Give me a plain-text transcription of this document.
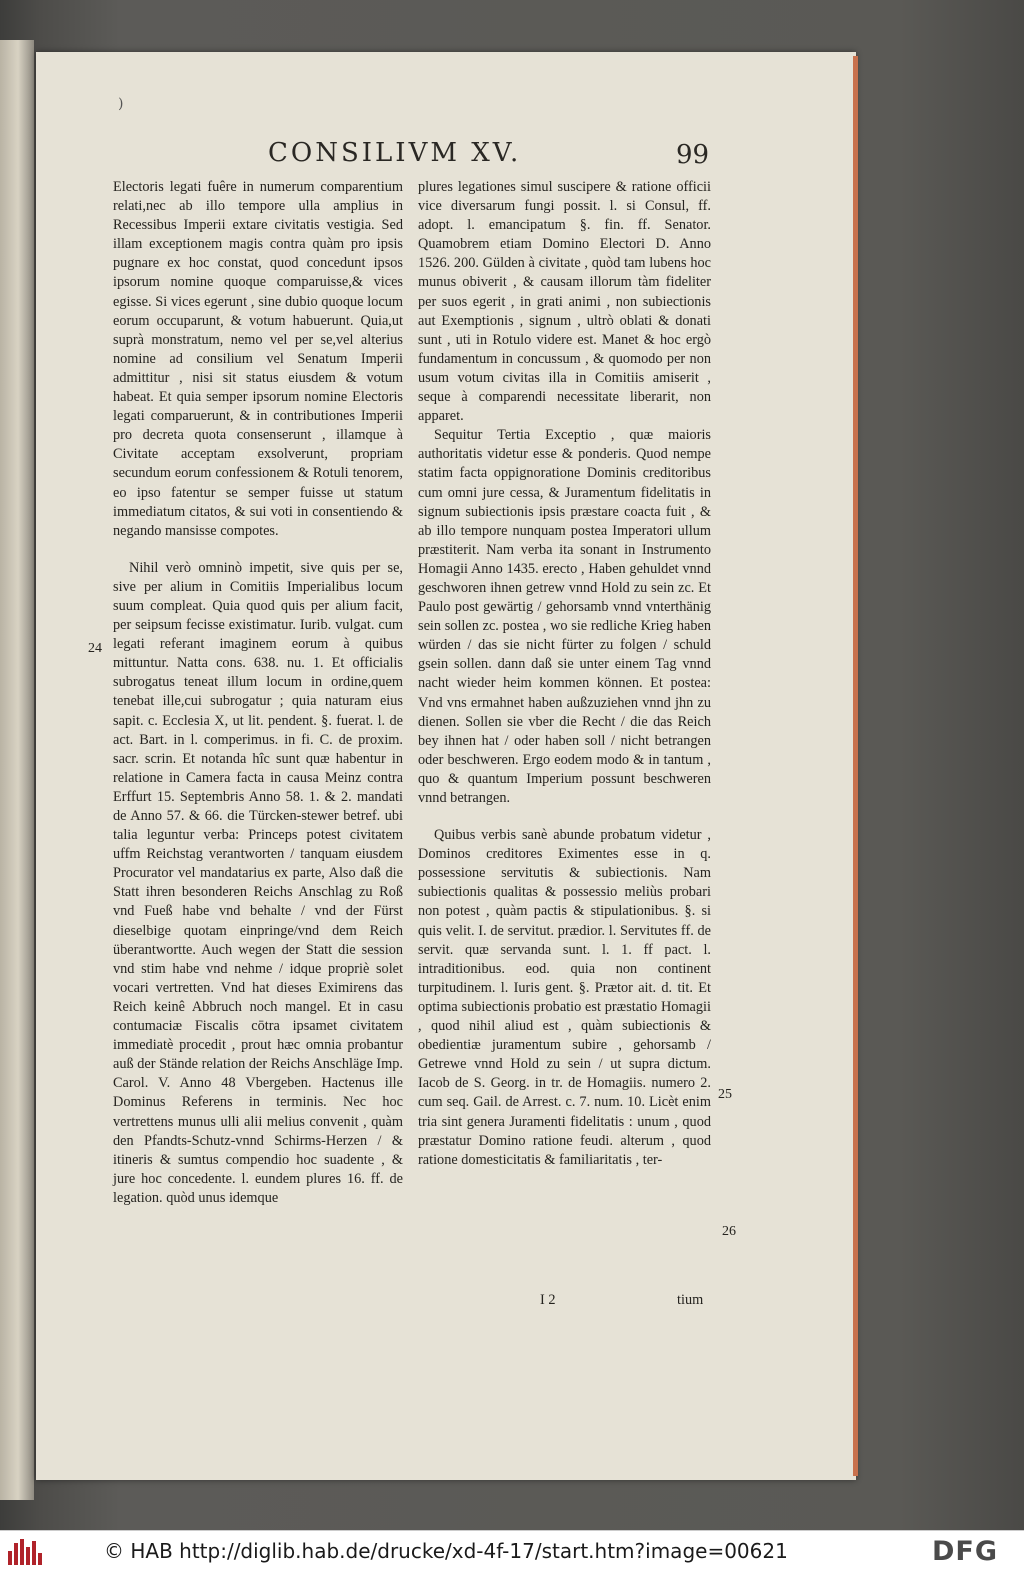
)
CONSILIVM XV.	99

Electoris legati fuêre in numerum comparentium relati,nec ab illo tempore ulla amplius in Recessibus Imperii extare civitatis vestigia. Sed illam exceptionem magis contra quàm pro ipsis pugnare ex hoc constat, quod concedunt ipsos ipsorum nomine quoque comparuisse,& vices egisse. Si vices egerunt , sine dubio quoque locum eorum occuparunt, & votum habuerunt. Quia,ut suprà monstratum, nemo vel per se,vel alterius nomine ad consilium vel Senatum Imperii admittitur , nisi sit status eiusdem & votum habeat. Et quia semper ipsorum nomine Electoris legati comparuerunt, & in contributiones Imperii pro decreta quota consenserunt , illamque à Civitate acceptam exsolverunt, propriam secundum eorum confessionem & Rotuli tenorem, eo ipso fatentur se semper fuisse ut statum immediatum citatos, & sui voti in consentiendo & negando mansisse compotes.

Nihil verò omninò impetit, sive quis per se, sive per alium in Comitiis Imperialibus locum suum compleat. Quia quod quis per alium facit, per seipsum fecisse existimatur. Iurib. vulgat. cum legati referant imaginem eorum à quibus mittuntur. Natta cons. 638. nu. 1. Et officialis subrogatus teneat illum locum in ordine,quem tenebat ille,cui subrogatur ; quia naturam eius sapit. c. Ecclesia X, ut lit. pendent. §. fuerat. l. de act. Bart. in l. comperimus. in fi. C. de proxim. sacr. scrin. Et notanda hîc sunt quæ habentur in relatione in Camera facta in causa Meinz contra Erffurt 15. Septembris Anno 58. 1. & 2. mandati de Anno 57. & 66. die Türcken-stewer betref. ubi talia leguntur verba: Princeps potest civitatem uffm Reichstag verantworten / tanquam eiusdem Procurator vel mandatarius ex parte, Also daß die Statt ihren besonderen Reichs Anschlag zu Roß vnd Fueß habe vnd behalte / vnd der Fürst dieselbige quotam einpringe/vnd dem Reich überantwortte. Auch wegen der Statt die session vnd stim habe vnd nehme / idque propriè solet vocari vertretten. Vnd hat dieses Eximirens das Reich keinê Abbruch noch mangel. Et in casu contumaciæ Fiscalis cōtra ipsamet civitatem immediatè procedit , prout hæc omnia probantur auß der Stände relation der Reichs Anschläge Imp. Carol. V. Anno 48 Vbergeben. Hactenus ille Dominus Referens in terminis. Nec hoc vertrettens munus ulli alii melius convenit , quàm den Pfandts-Schutz-vnnd Schirms-Herzen / & itineris & sumtus compendio hoc suadente , & jure hoc concedente. l. eundem plures 16. ff. de legation. quòd unus idemque

plures legationes simul suscipere & ratione officii vice diversarum fungi possit. l. si Consul, ff. adopt. l. emancipatum §. fin. ff. Senator. Quamobrem etiam Domino Electori D. Anno 1526. 200. Gülden à civitate , quòd tam lubens hoc munus obiverit , & causam illorum tàm fideliter per suos egerit , in grati animi , non subiectionis aut Exemptionis , signum , ultrò oblati & donati sunt , uti in Rotulo videre est. Manet & hoc ergò fundamentum in concussum , & quomodo per non usum votum civitas illa in Comitiis amiserit , seque à comparendi necessitate liberarit, non apparet.

Sequitur Tertia Exceptio , quæ maioris authoritatis videtur esse & ponderis. Quod nempe statim facta oppignoratione Dominis creditoribus cum omni jure cessa, & Juramentum fidelitatis in signum subiectionis ipsis præstare coacta fuit , & ab illo tempore nunquam postea Imperatori ullum præstiterit. Nam verba ita sonant in Instrumento Homagii Anno 1435. erecto , Haben gehuldet vnnd geschworen ihnen getrew vnnd Hold zu sein zc. Et Paulo post gewärtig / gehorsamb vnnd vnterthänig sein sollen zc. postea , wo sie redliche Krieg haben würden / das sie nicht fürter zu folgen / schuld gsein sollen. dann daß sie unter einem Tag vnnd nacht wieder heim kommen können. Et postea: Vnd vns ermahnet haben außzuziehen vnnd jhn zu dienen. Sollen sie vber die Recht / die das Reich bey ihnen hat / oder haben soll / nicht betrangen oder beschweren. Ergo eodem modo & in tantum , quo & quantum Imperium possunt beschweren vnnd betrangen.

Quibus verbis sanè abunde probatum videtur , Dominos creditores Eximentes esse in q. possessione servitutis & subiectionis. Nam subiectionis qualitas & possessio meliùs probari non potest , quàm pactis & stipulationibus. §. si quis velit. I. de servitut. prædior. l. Servitutes ff. de servit. quæ servanda sunt. l. 1. ff pact. l. intraditionibus. eod. quia non continent turpitudinem. l. Iuris gent. §. Prætor ait. d. tit. Et optima subiectionis probatio est præstatio Homagii , quod nihil aliud est , quàm subiectionis & obedientiæ juramentum subire , gehorsamb / Getrewe vnnd Hold zu sein / ut supra dictum. Iacob de S. Georg. in tr. de Homagiis. numero 2. cum seq. Gail. de Arrest. c. 7. num. 10. Licèt enim tria sint genera Juramenti fidelitatis : unum , quod præstatur Domino ratione feudi. alterum , quod ratione domesticitatis & familiaritatis , ter-

24
25
26
I 2	tium
© HAB http://diglib.hab.de/drucke/xd-4f-17/start.htm?image=00621	DFG
